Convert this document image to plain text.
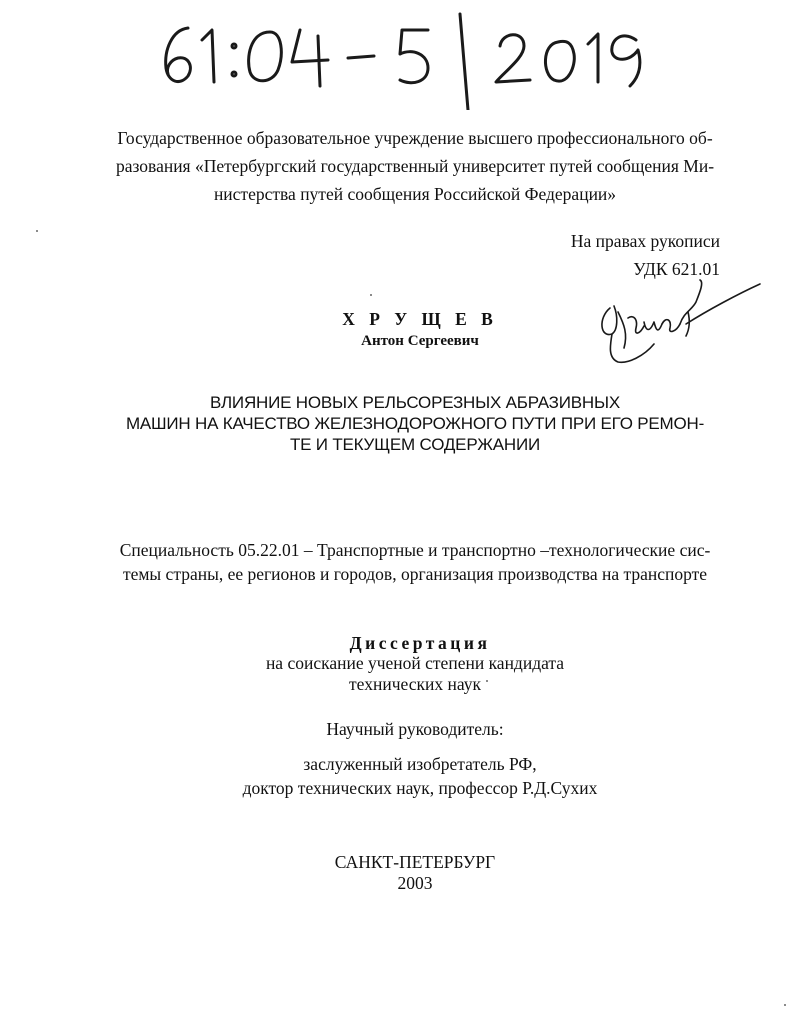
Государственное образовательное учреждение высшего профессионального об-
разования «Петербургский государственный университет путей сообщения Ми-
нистерства путей сообщения Российской Федерации»
На правах рукописи
УДК 621.01
Х Р У Щ Е В
Антон Сергеевич
ВЛИЯНИЕ НОВЫХ РЕЛЬСОРЕЗНЫХ АБРАЗИВНЫХ
МАШИН НА КАЧЕСТВО ЖЕЛЕЗНОДОРОЖНОГО ПУТИ ПРИ ЕГО РЕМОН-
ТЕ И ТЕКУЩЕМ СОДЕРЖАНИИ
Специальность 05.22.01 – Транспортные и транспортно –технологические сис-
темы страны, ее регионов и городов, организация производства на транспорте
Диссертация
на соискание ученой степени кандидата
технических наук
Научный руководитель:
заслуженный изобретатель РФ,
доктор технических наук, профессор Р.Д.Сухих
САНКТ-ПЕТЕРБУРГ
2003
